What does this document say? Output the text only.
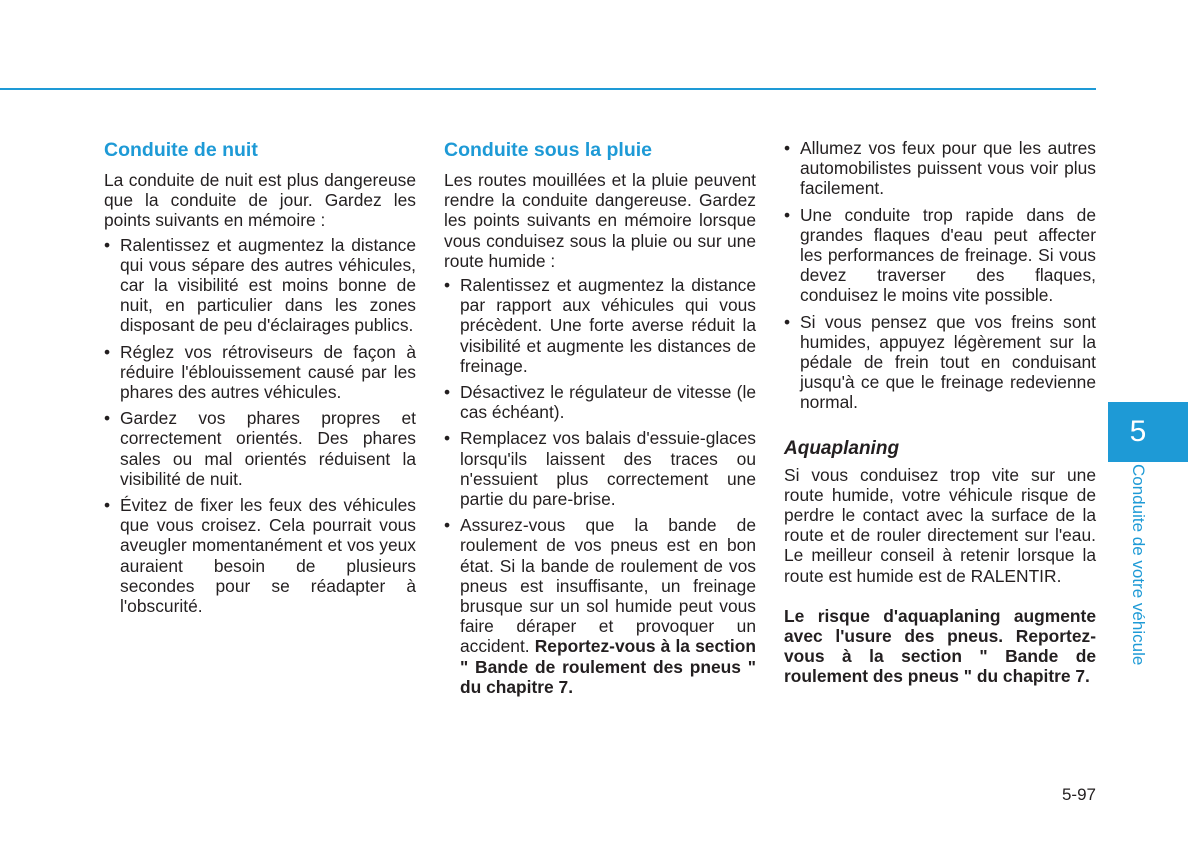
Conduite de nuit

La conduite de nuit est plus dangereuse que la conduite de jour. Gardez les points suivants en mémoire :

• Ralentissez et augmentez la distance qui vous sépare des autres véhicules, car la visibilité est moins bonne de nuit, en particulier dans les zones disposant de peu d'éclairages publics.
• Réglez vos rétroviseurs de façon à réduire l'éblouissement causé par les phares des autres véhicules.
• Gardez vos phares propres et correctement orientés. Des phares sales ou mal orientés réduisent la visibilité de nuit.
• Évitez de fixer les feux des véhicules que vous croisez. Cela pourrait vous aveugler momentanément et vos yeux auraient besoin de plusieurs secondes pour se réadapter à l'obscurité.
Conduite sous la pluie

Les routes mouillées et la pluie peuvent rendre la conduite dangereuse. Gardez les points suivants en mémoire lorsque vous conduisez sous la pluie ou sur une route humide :

• Ralentissez et augmentez la distance par rapport aux véhicules qui vous précèdent. Une forte averse réduit la visibilité et augmente les distances de freinage.
• Désactivez le régulateur de vitesse (le cas échéant).
• Remplacez vos balais d'essuie-glaces lorsqu'ils laissent des traces ou n'essuient plus correctement une partie du pare-brise.
• Assurez-vous que la bande de roulement de vos pneus est en bon état. Si la bande de roulement de vos pneus est insuffisante, un freinage brusque sur un sol humide peut vous faire déraper et provoquer un accident. Reportez-vous à la section " Bande de roulement des pneus " du chapitre 7.
• Allumez vos feux pour que les autres automobilistes puissent vous voir plus facilement.
• Une conduite trop rapide dans de grandes flaques d'eau peut affecter les performances de freinage. Si vous devez traverser des flaques, conduisez le moins vite possible.
• Si vous pensez que vos freins sont humides, appuyez légèrement sur la pédale de frein tout en conduisant jusqu'à ce que le freinage redevienne normal.
Aquaplaning

Si vous conduisez trop vite sur une route humide, votre véhicule risque de perdre le contact avec la surface de la route et de rouler directement sur l'eau. Le meilleur conseil à retenir lorsque la route est humide est de RALENTIR.

Le risque d'aquaplaning augmente avec l'usure des pneus. Reportez-vous à la section " Bande de roulement des pneus " du chapitre 7.

5
Conduite de votre véhicule
5-97
